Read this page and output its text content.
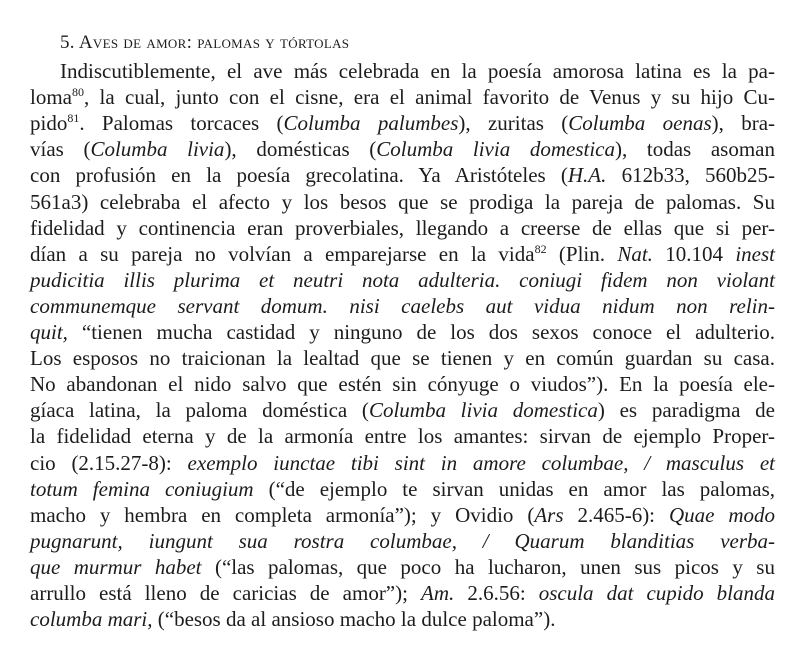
5. Aves de amor: palomas y tórtolas
Indiscutiblemente, el ave más celebrada en la poesía amorosa latina es la pa-
loma$^{80}$, la cual, junto con el cisne, era el animal favorito de Venus y su hijo Cu-
pido$^{81}$. Palomas torcaces (Columba palumbes), zuritas (Columba oenas), bra-
vías (Columba livia), domésticas (Columba livia domestica), todas asoman
con profusión en la poesía grecolatina. Ya Aristóteles (H.A. 612b33, 560b25-
561a3) celebraba el afecto y los besos que se prodiga la pareja de palomas. Su
fidelidad y continencia eran proverbiales, llegando a creerse de ellas que si per-
dían a su pareja no volvían a emparejarse en la vida$^{82}$ (Plin. Nat. 10.104 inest
pudicitia illis plurima et neutri nota adulteria. coniugi fidem non violant
communemque servant domum. nisi caelebs aut vidua nidum non relin-
quit, “tienen mucha castidad y ninguno de los dos sexos conoce el adulterio.
Los esposos no traicionan la lealtad que se tienen y en común guardan su casa.
No abandonan el nido salvo que estén sin cónyuge o viudos”). En la poesía ele-
gíaca latina, la paloma doméstica (Columba livia domestica) es paradigma de
la fidelidad eterna y de la armonía entre los amantes: sirvan de ejemplo Proper-
cio (2.15.27-8): exemplo iunctae tibi sint in amore columbae, / masculus et
totum femina coniugium (“de ejemplo te sirvan unidas en amor las palomas,
macho y hembra en completa armonía”); y Ovidio (Ars 2.465-6): Quae modo
pugnarunt, iungunt sua rostra columbae, / Quarum blanditias verba-
que murmur habet (“las palomas, que poco ha lucharon, unen sus picos y su
arrullo está lleno de caricias de amor”); Am. 2.6.56: oscula dat cupido blanda
columba mari, (“besos da al ansioso macho la dulce paloma”).
